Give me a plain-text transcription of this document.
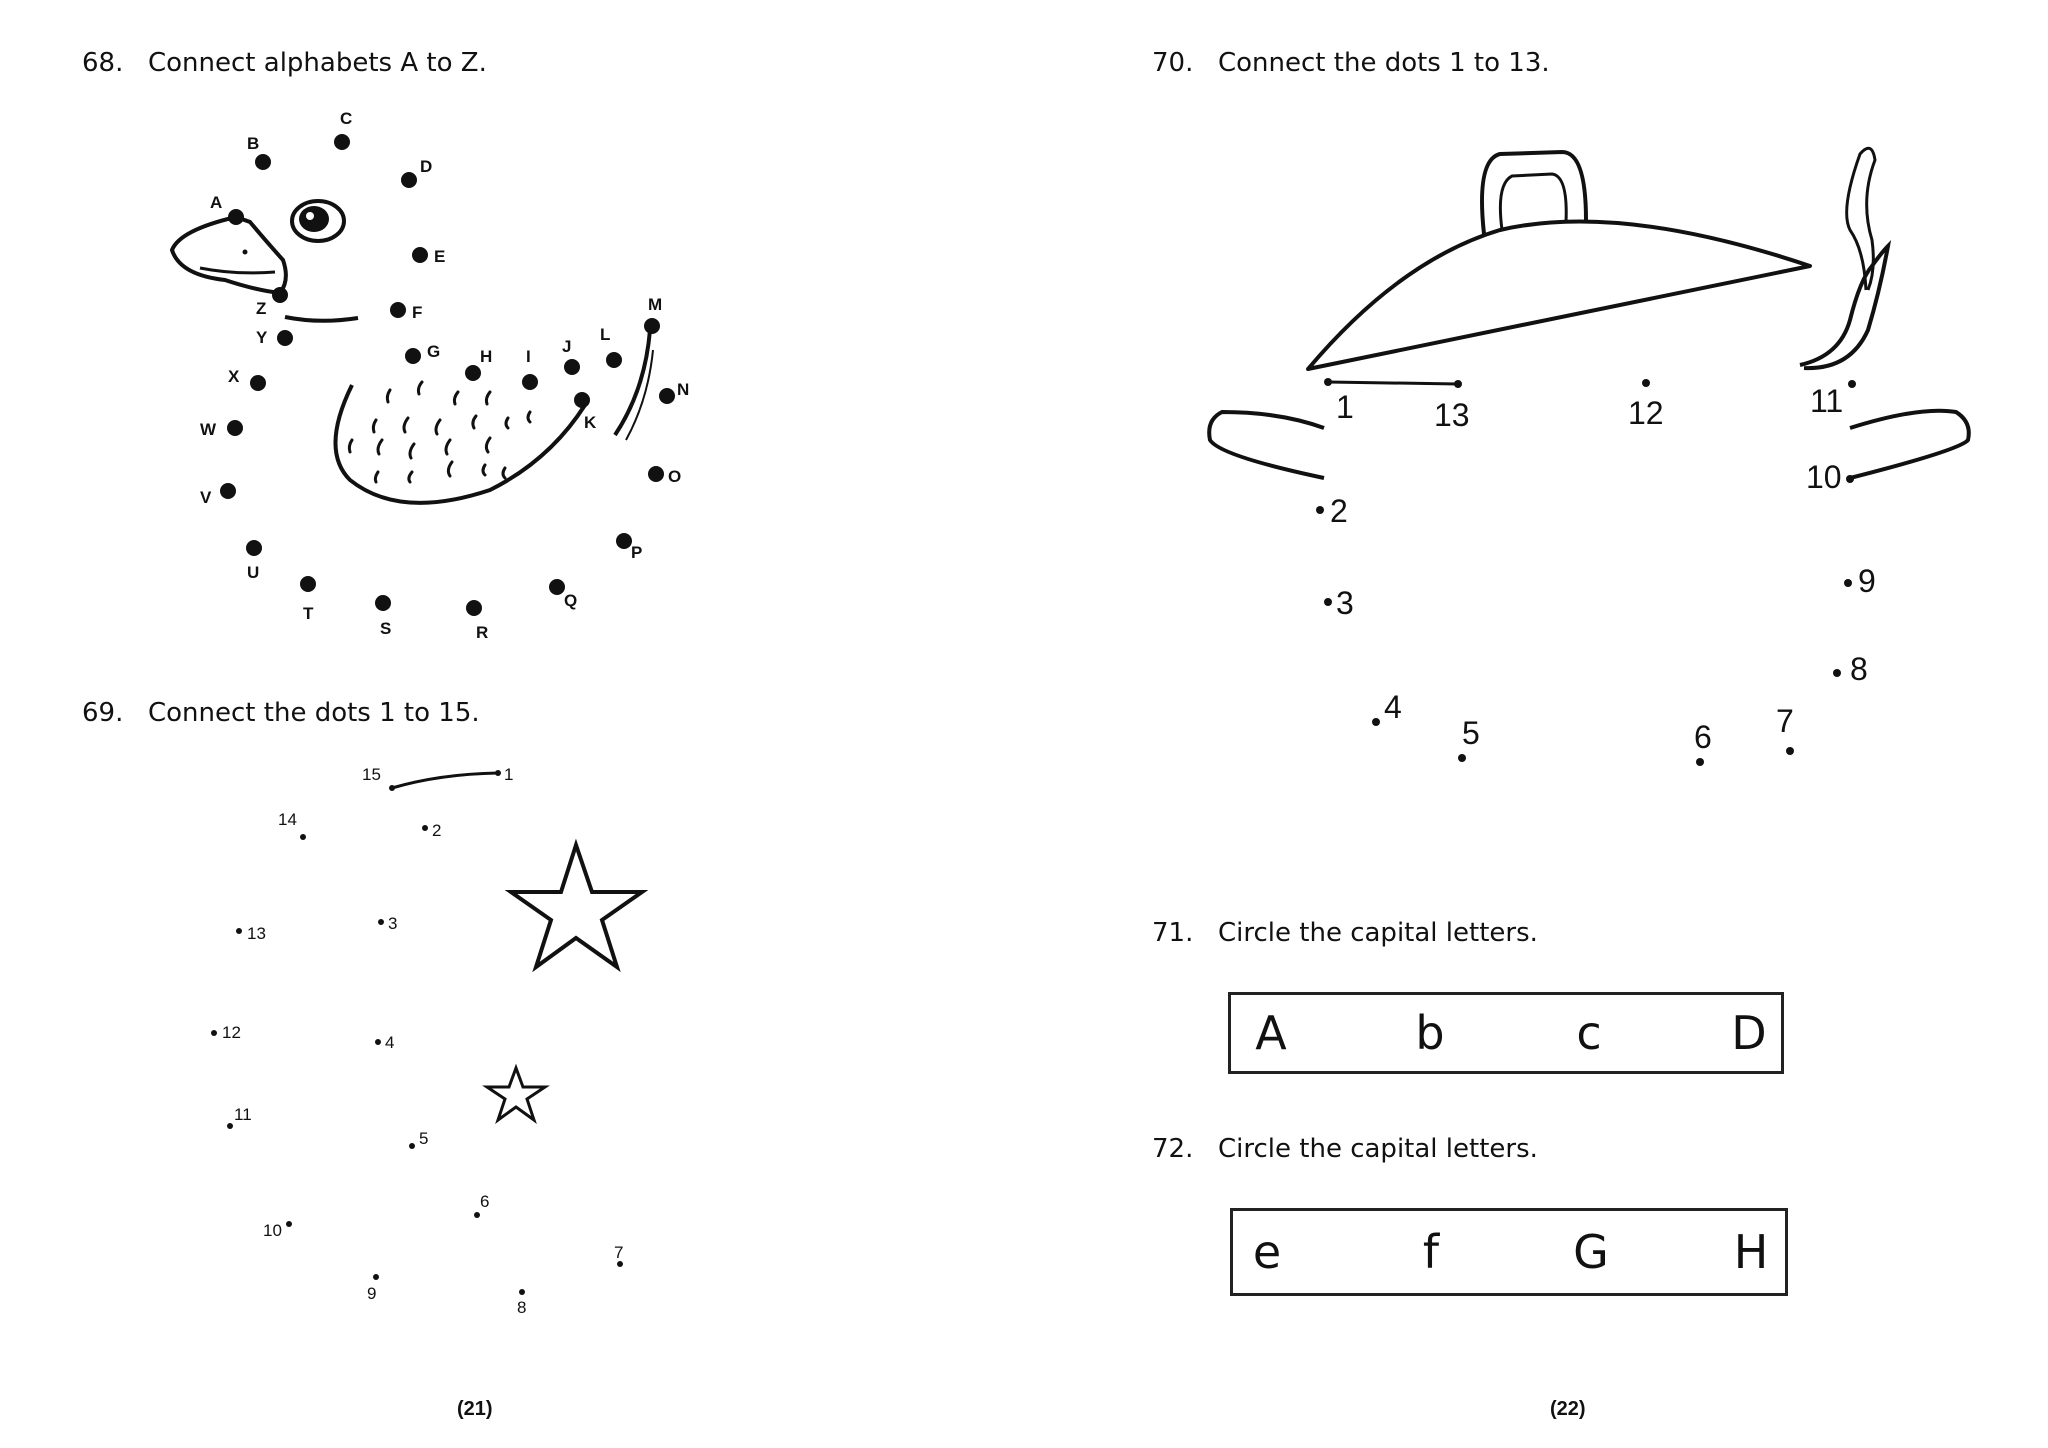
68. Connect alphabets A to Z.
A
B
C
D
E
F
G H I
J
K
L
M
N
O
P
Q
R
S
T
U
V
W
X
Y
Z
69. Connect the dots 1 to 15.
1
2
3
4
5
6
7
8
9
10
11
12
13
14
15
(21)
70. Connect the dots 1 to 13.
1
2
3
4
5	6 7
8
9
10
11
12
13
71. Circle the capital letters.
A	b	c	D
72. Circle the capital letters.
e	f	G	H
(22)
